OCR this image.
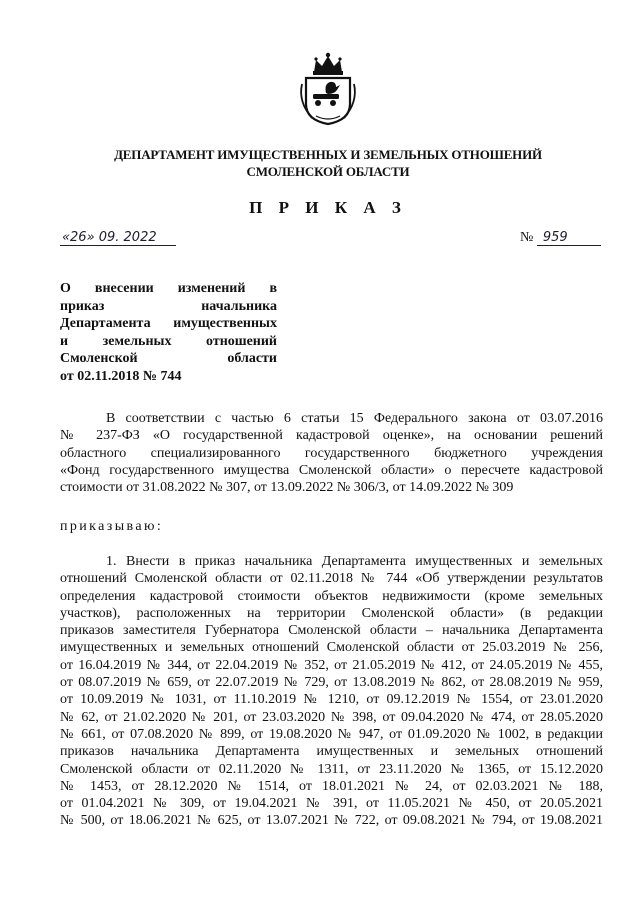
ДЕПАРТАМЕНТ ИМУЩЕСТВЕННЫХ И ЗЕМЕЛЬНЫХ ОТНОШЕНИЙ
СМОЛЕНСКОЙ ОБЛАСТИ
П Р И К А З
«26» 09. 2022	№ 959
О внесении изменений в
приказ начальника
Департамента имущественных
и земельных отношений
Смоленской области
от 02.11.2018 № 744
В соответствии с частью 6 статьи 15 Федерального закона от 03.07.2016
№ 237-ФЗ «О государственной кадастровой оценке», на основании решений
областного специализированного государственного бюджетного учреждения
«Фонд государственного имущества Смоленской области» о пересчете кадастровой
стоимости от 31.08.2022 № 307, от 13.09.2022 № 306/3, от 14.09.2022 № 309
приказываю:
1. Внести в приказ начальника Департамента имущественных и земельных
отношений Смоленской области от 02.11.2018 № 744 «Об утверждении результатов
определения кадастровой стоимости объектов недвижимости (кроме земельных
участков), расположенных на территории Смоленской области» (в редакции
приказов заместителя Губернатора Смоленской области – начальника Департамента
имущественных и земельных отношений Смоленской области от 25.03.2019 № 256,
от 16.04.2019 № 344, от 22.04.2019 № 352, от 21.05.2019 № 412, от 24.05.2019 № 455,
от 08.07.2019 № 659, от 22.07.2019 № 729, от 13.08.2019 № 862, от 28.08.2019 № 959,
от 10.09.2019 № 1031, от 11.10.2019 № 1210, от 09.12.2019 № 1554, от 23.01.2020
№ 62, от 21.02.2020 № 201, от 23.03.2020 № 398, от 09.04.2020 № 474, от 28.05.2020
№ 661, от 07.08.2020 № 899, от 19.08.2020 № 947, от 01.09.2020 № 1002, в редакции
приказов начальника Департамента имущественных и земельных отношений
Смоленской области от 02.11.2020 № 1311, от 23.11.2020 № 1365, от 15.12.2020
№ 1453, от 28.12.2020 № 1514, от 18.01.2021 № 24, от 02.03.2021 № 188,
от 01.04.2021 № 309, от 19.04.2021 № 391, от 11.05.2021 № 450, от 20.05.2021
№ 500, от 18.06.2021 № 625, от 13.07.2021 № 722, от 09.08.2021 № 794, от 19.08.2021
